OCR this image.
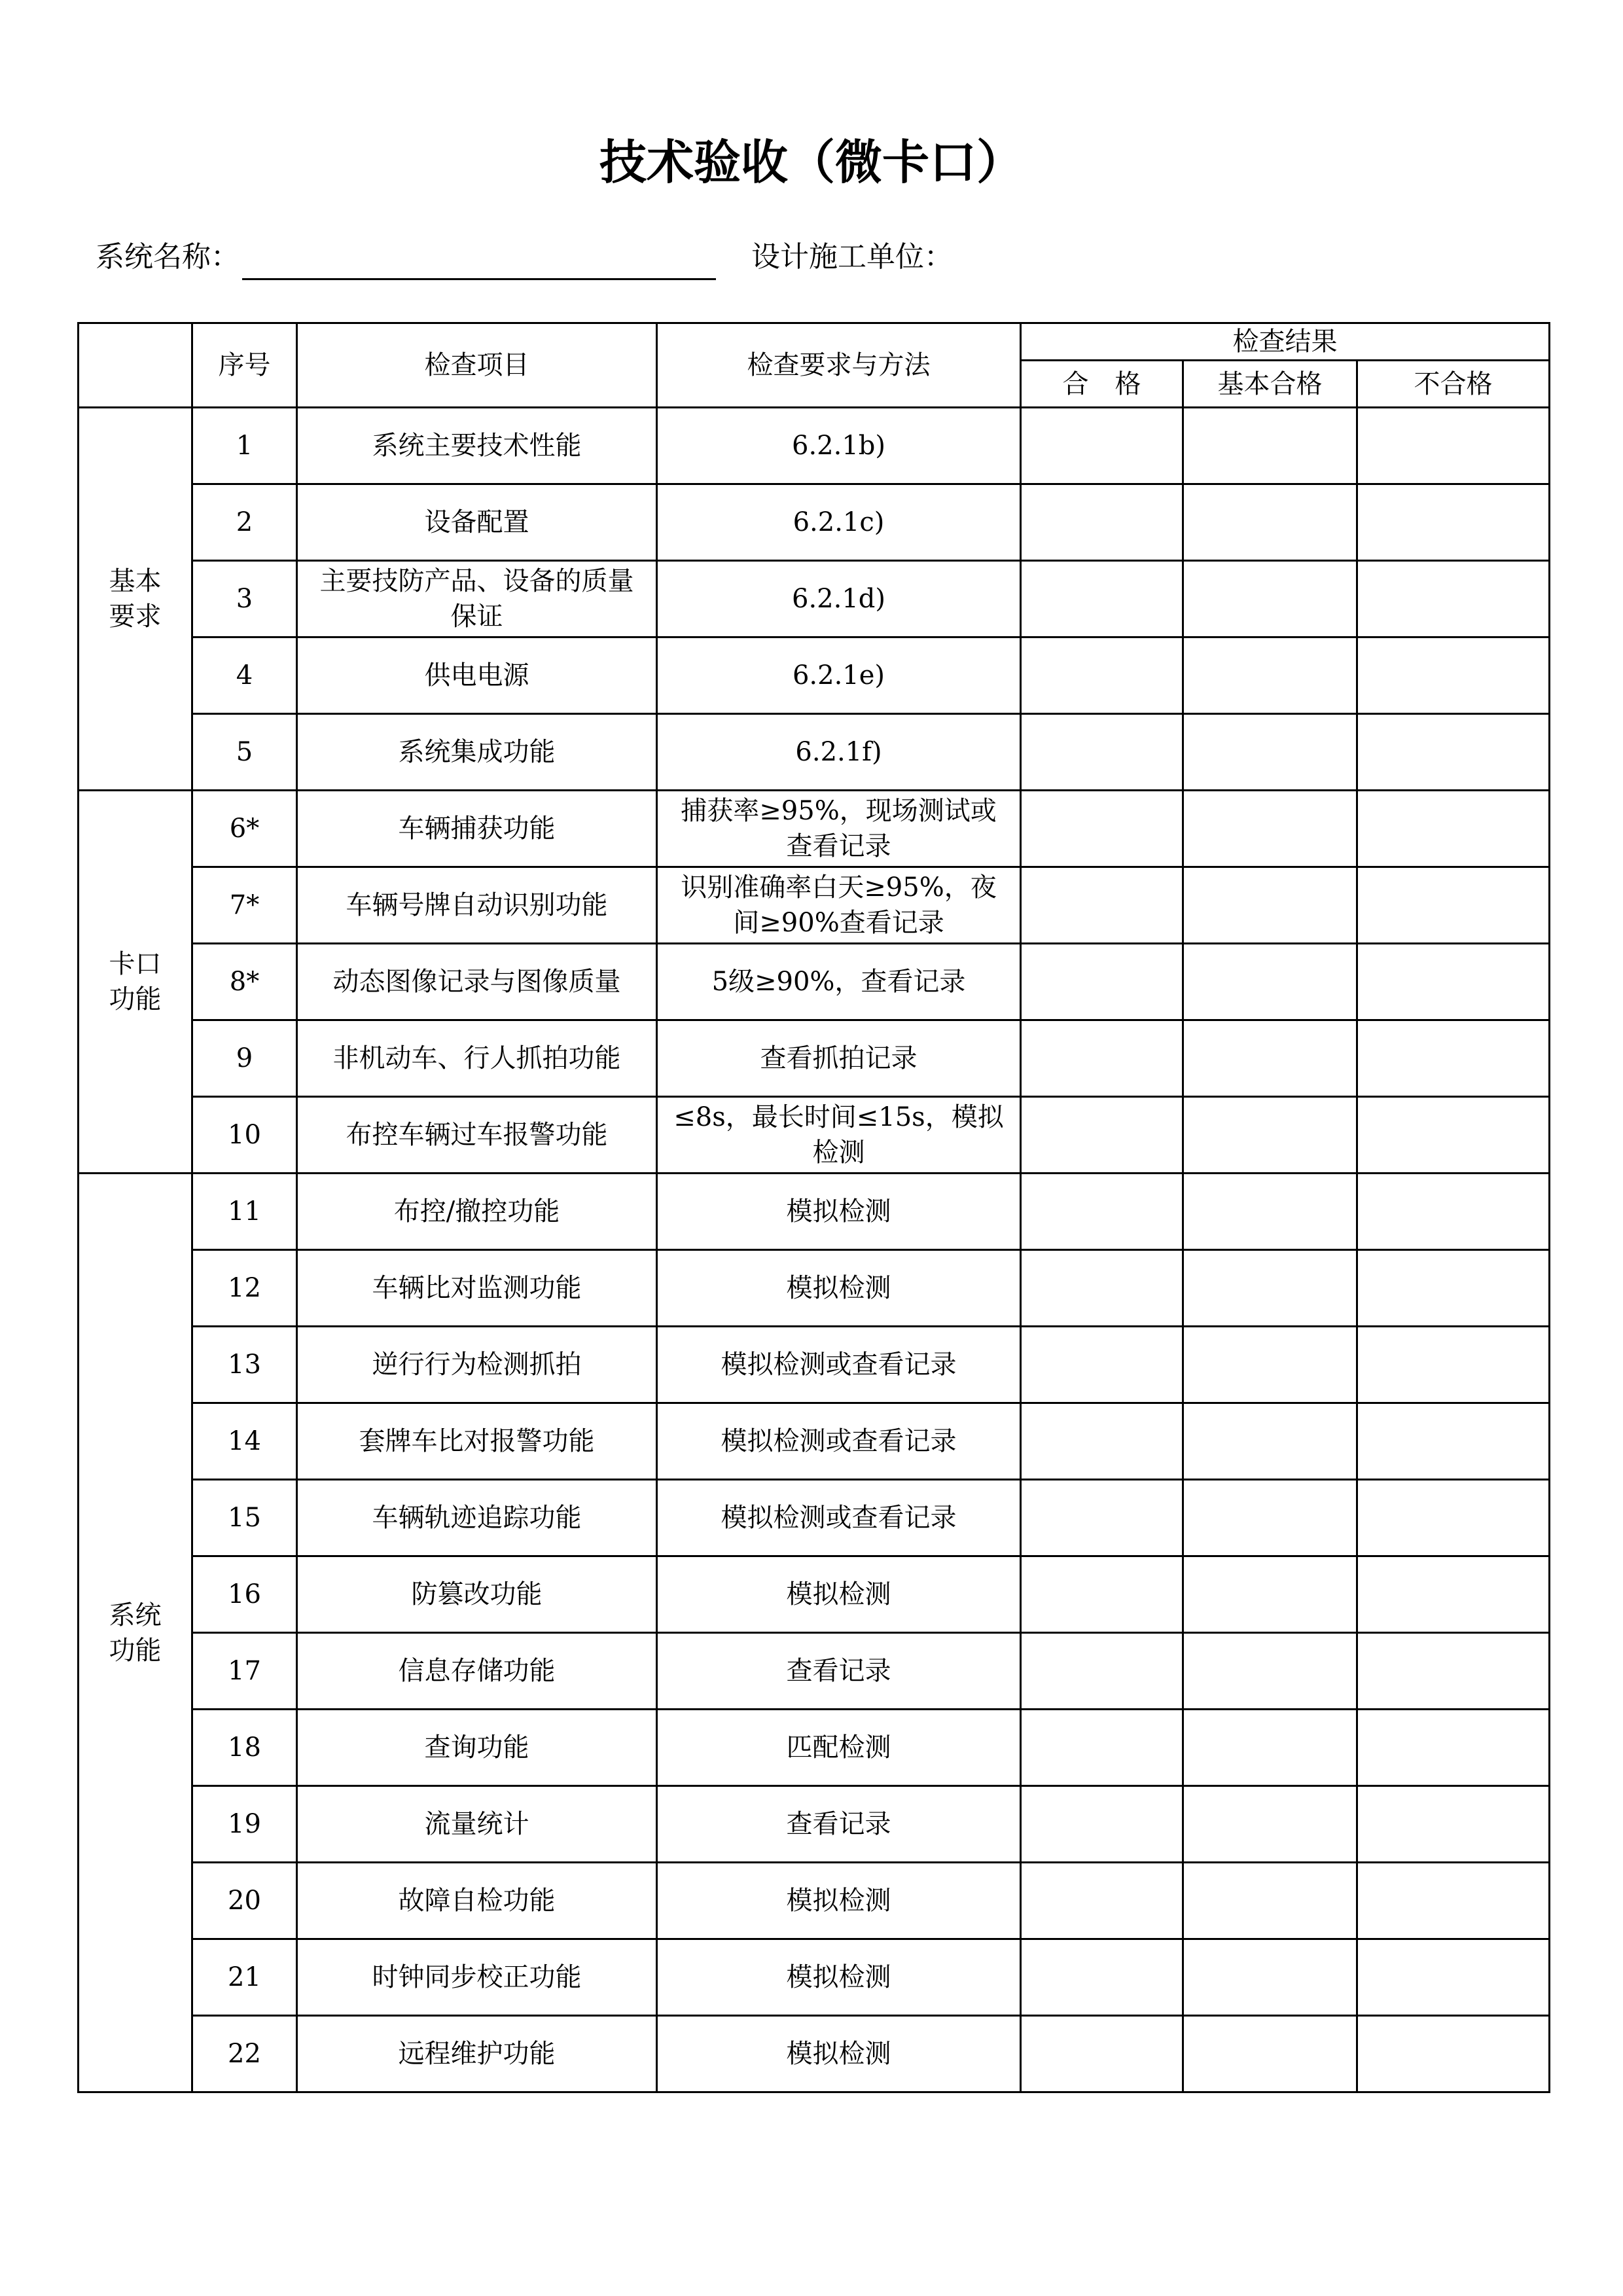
技术验收（微卡口）
系统名称：	设计施工单位：
	序号	检查项目	检查要求与方法	检查结果		
				合　格	基本合格	不合格
基本
要求	1	系统主要技术性能	6.2.1b)			
	2	设备配置	6.2.1c)			
	3	主要技防产品、设备的质量保证	6.2.1d)			
	4	供电电源	6.2.1e)			
	5	系统集成功能	6.2.1f)			
卡口
功能	6*	车辆捕获功能	捕获率≥95%，现场测试或查看记录			
	7*	车辆号牌自动识别功能	识别准确率白天≥95%，夜间≥90%查看记录			
	8*	动态图像记录与图像质量	5级≥90%，查看记录			
	9	非机动车、行人抓拍功能	查看抓拍记录			
	10	布控车辆过车报警功能	≤8s，最长时间≤15s，模拟检测			
系统
功能	11	布控/撤控功能	模拟检测			
	12	车辆比对监测功能	模拟检测			
	13	逆行行为检测抓拍	模拟检测或查看记录			
	14	套牌车比对报警功能	模拟检测或查看记录			
	15	车辆轨迹追踪功能	模拟检测或查看记录			
	16	防篡改功能	模拟检测			
	17	信息存储功能	查看记录			
	18	查询功能	匹配检测			
	19	流量统计	查看记录			
	20	故障自检功能	模拟检测			
	21	时钟同步校正功能	模拟检测			
	22	远程维护功能	模拟检测			
